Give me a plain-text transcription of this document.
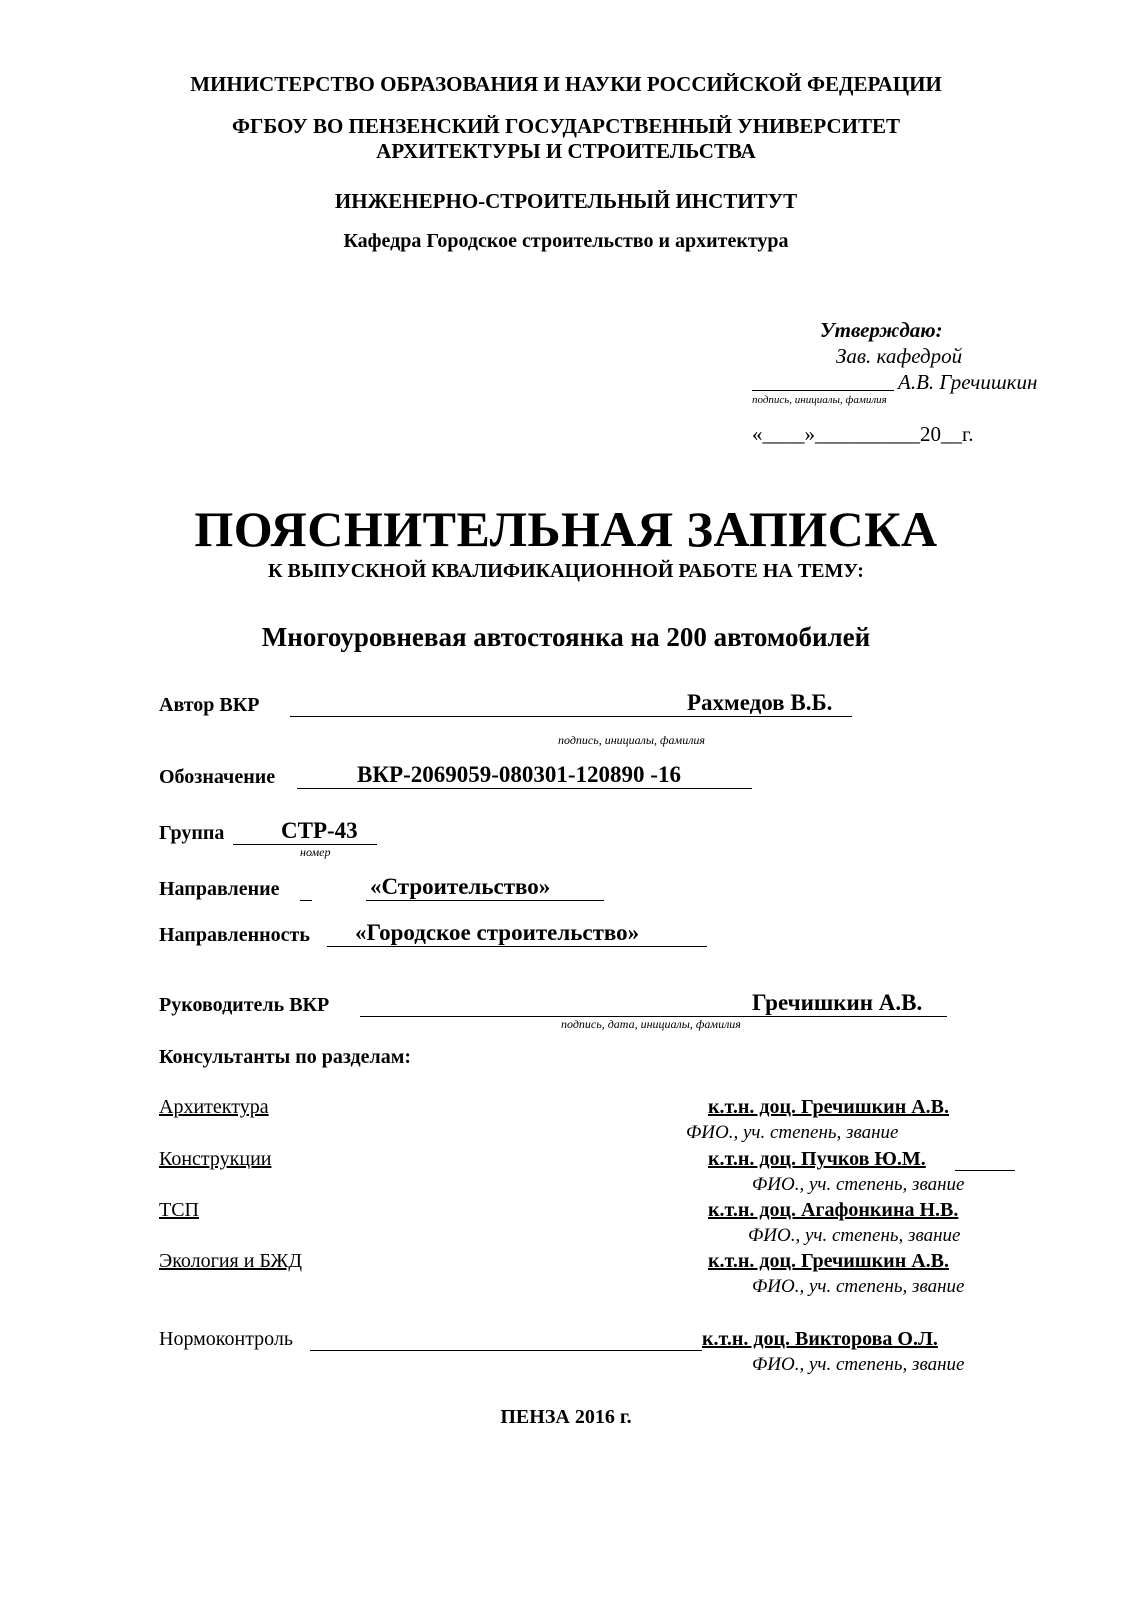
МИНИСТЕРСТВО ОБРАЗОВАНИЯ И НАУКИ РОССИЙСКОЙ ФЕДЕРАЦИИ
ФГБОУ ВО ПЕНЗЕНСКИЙ ГОСУДАРСТВЕННЫЙ УНИВЕРСИТЕТ
АРХИТЕКТУРЫ И СТРОИТЕЛЬСТВА
ИНЖЕНЕРНО-СТРОИТЕЛЬНЫЙ ИНСТИТУТ
Кафедра Городское строительство и архитектура
Утверждаю:
Зав. кафедрой
А.В. Гречишкин
подпись, инициалы, фамилия
«____»__________20__г.
ПОЯСНИТЕЛЬНАЯ ЗАПИСКА
К ВЫПУСКНОЙ КВАЛИФИКАЦИОННОЙ РАБОТЕ НА ТЕМУ:
Многоуровневая автостоянка на 200 автомобилей
Автор ВКР	Рахмедов В.Б.
подпись, инициалы, фамилия
Обозначение	ВКР-2069059-080301-120890 -16
Группа СТР-43
номер
Направление	«Строительство»
Направленность «Городское строительство»
Руководитель ВКР	Гречишкин А.В.
подпись, дата, инициалы, фамилия
Консультанты по разделам:
Архитектура	к.т.н. доц. Гречишкин А.В.
ФИО., уч. степень, звание
Конструкции	к.т.н. доц. Пучков Ю.М.
ФИО., уч. степень, звание
ТСП	к.т.н. доц. Агафонкина Н.В.
ФИО., уч. степень, звание
Экология и БЖД	к.т.н. доц. Гречишкин А.В.
ФИО., уч. степень, звание
Нормоконтроль	к.т.н. доц. Викторова О.Л.
ФИО., уч. степень, звание
ПЕНЗА 2016 г.
